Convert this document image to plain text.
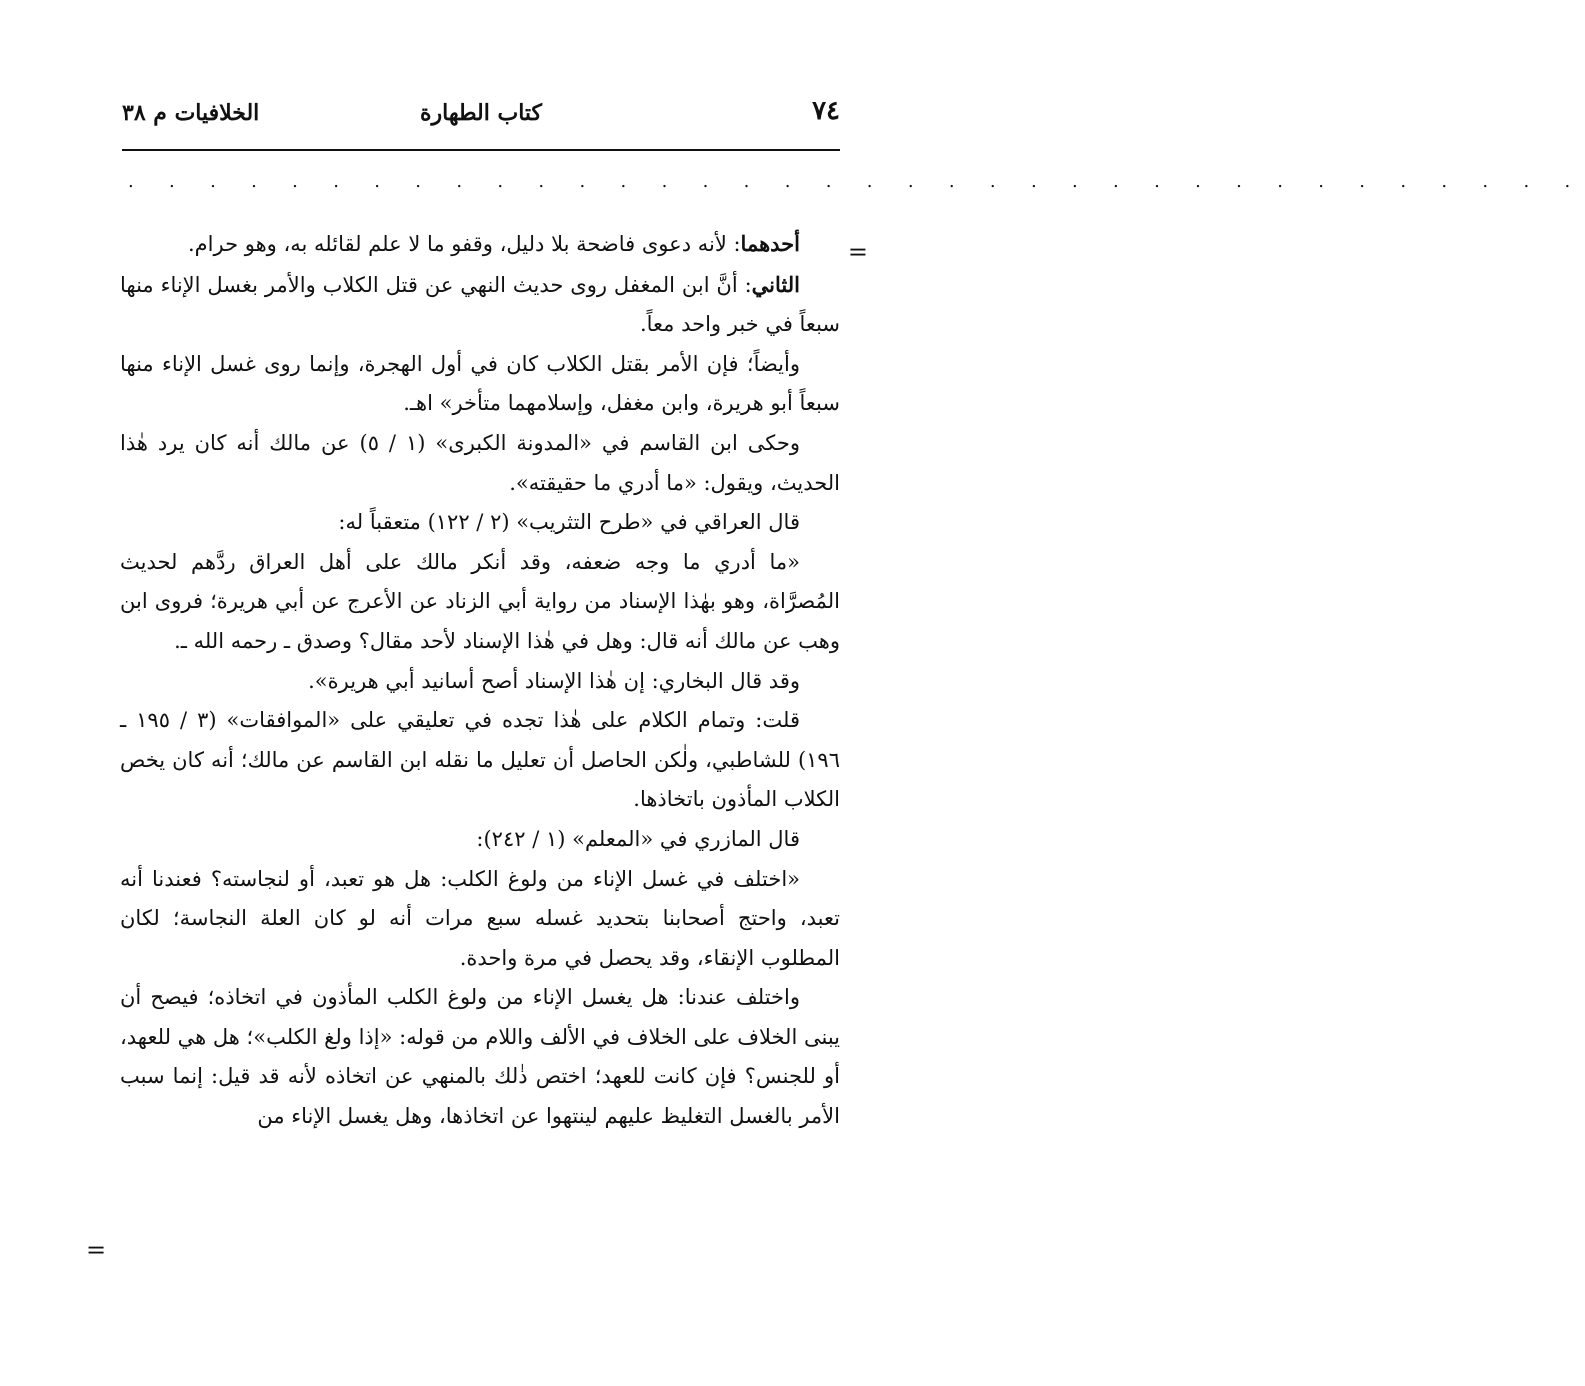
٧٤
كتاب الطهارة
الخلافيات م ٣٨
. . . . . . . . . . . . . . . . . . . . . . . . . . . . . . . . . . . .
=
=

أحدهما: لأنه دعوى فاضحة بلا دليل، وقفو ما لا علم لقائله به، وهو حرام.

الثاني: أنَّ ابن المغفل روى حديث النهي عن قتل الكلاب والأمر بغسل الإناء منها سبعاً في خبر واحد معاً.

وأيضاً؛ فإن الأمر بقتل الكلاب كان في أول الهجرة، وإنما روى غسل الإناء منها سبعاً أبو هريرة، وابن مغفل، وإسلامهما متأخر» اهـ.

وحكى ابن القاسم في «المدونة الكبرى» (١ / ٥) عن مالك أنه كان يرد هٰذا الحديث، ويقول: «ما أدري ما حقيقته».

قال العراقي في «طرح التثريب» (٢ / ١٢٢) متعقباً له:

«ما أدري ما وجه ضعفه، وقد أنكر مالك على أهل العراق ردَّهم لحديث المُصرَّاة، وهو بهٰذا الإسناد من رواية أبي الزناد عن الأعرج عن أبي هريرة؛ فروى ابن وهب عن مالك أنه قال: وهل في هٰذا الإسناد لأحد مقال؟ وصدق ـ رحمه الله ـ.

وقد قال البخاري: إن هٰذا الإسناد أصح أسانيد أبي هريرة».

قلت: وتمام الكلام على هٰذا تجده في تعليقي على «الموافقات» (٣ / ١٩٥ ـ ١٩٦) للشاطبي، ولٰكن الحاصل أن تعليل ما نقله ابن القاسم عن مالك؛ أنه كان يخص الكلاب المأذون باتخاذها.

قال المازري في «المعلم» (١ / ٢٤٢):

«اختلف في غسل الإناء من ولوغ الكلب: هل هو تعبد، أو لنجاسته؟ فعندنا أنه تعبد، واحتج أصحابنا بتحديد غسله سبع مرات أنه لو كان العلة النجاسة؛ لكان المطلوب الإنقاء، وقد يحصل في مرة واحدة.

واختلف عندنا: هل يغسل الإناء من ولوغ الكلب المأذون في اتخاذه؛ فيصح أن يبنى الخلاف على الخلاف في الألف واللام من قوله: «إذا ولغ الكلب»؛ هل هي للعهد، أو للجنس؟ فإن كانت للعهد؛ اختص ذٰلك بالمنهي عن اتخاذه لأنه قد قيل: إنما سبب الأمر بالغسل التغليظ عليهم لينتهوا عن اتخاذها، وهل يغسل الإناء من
